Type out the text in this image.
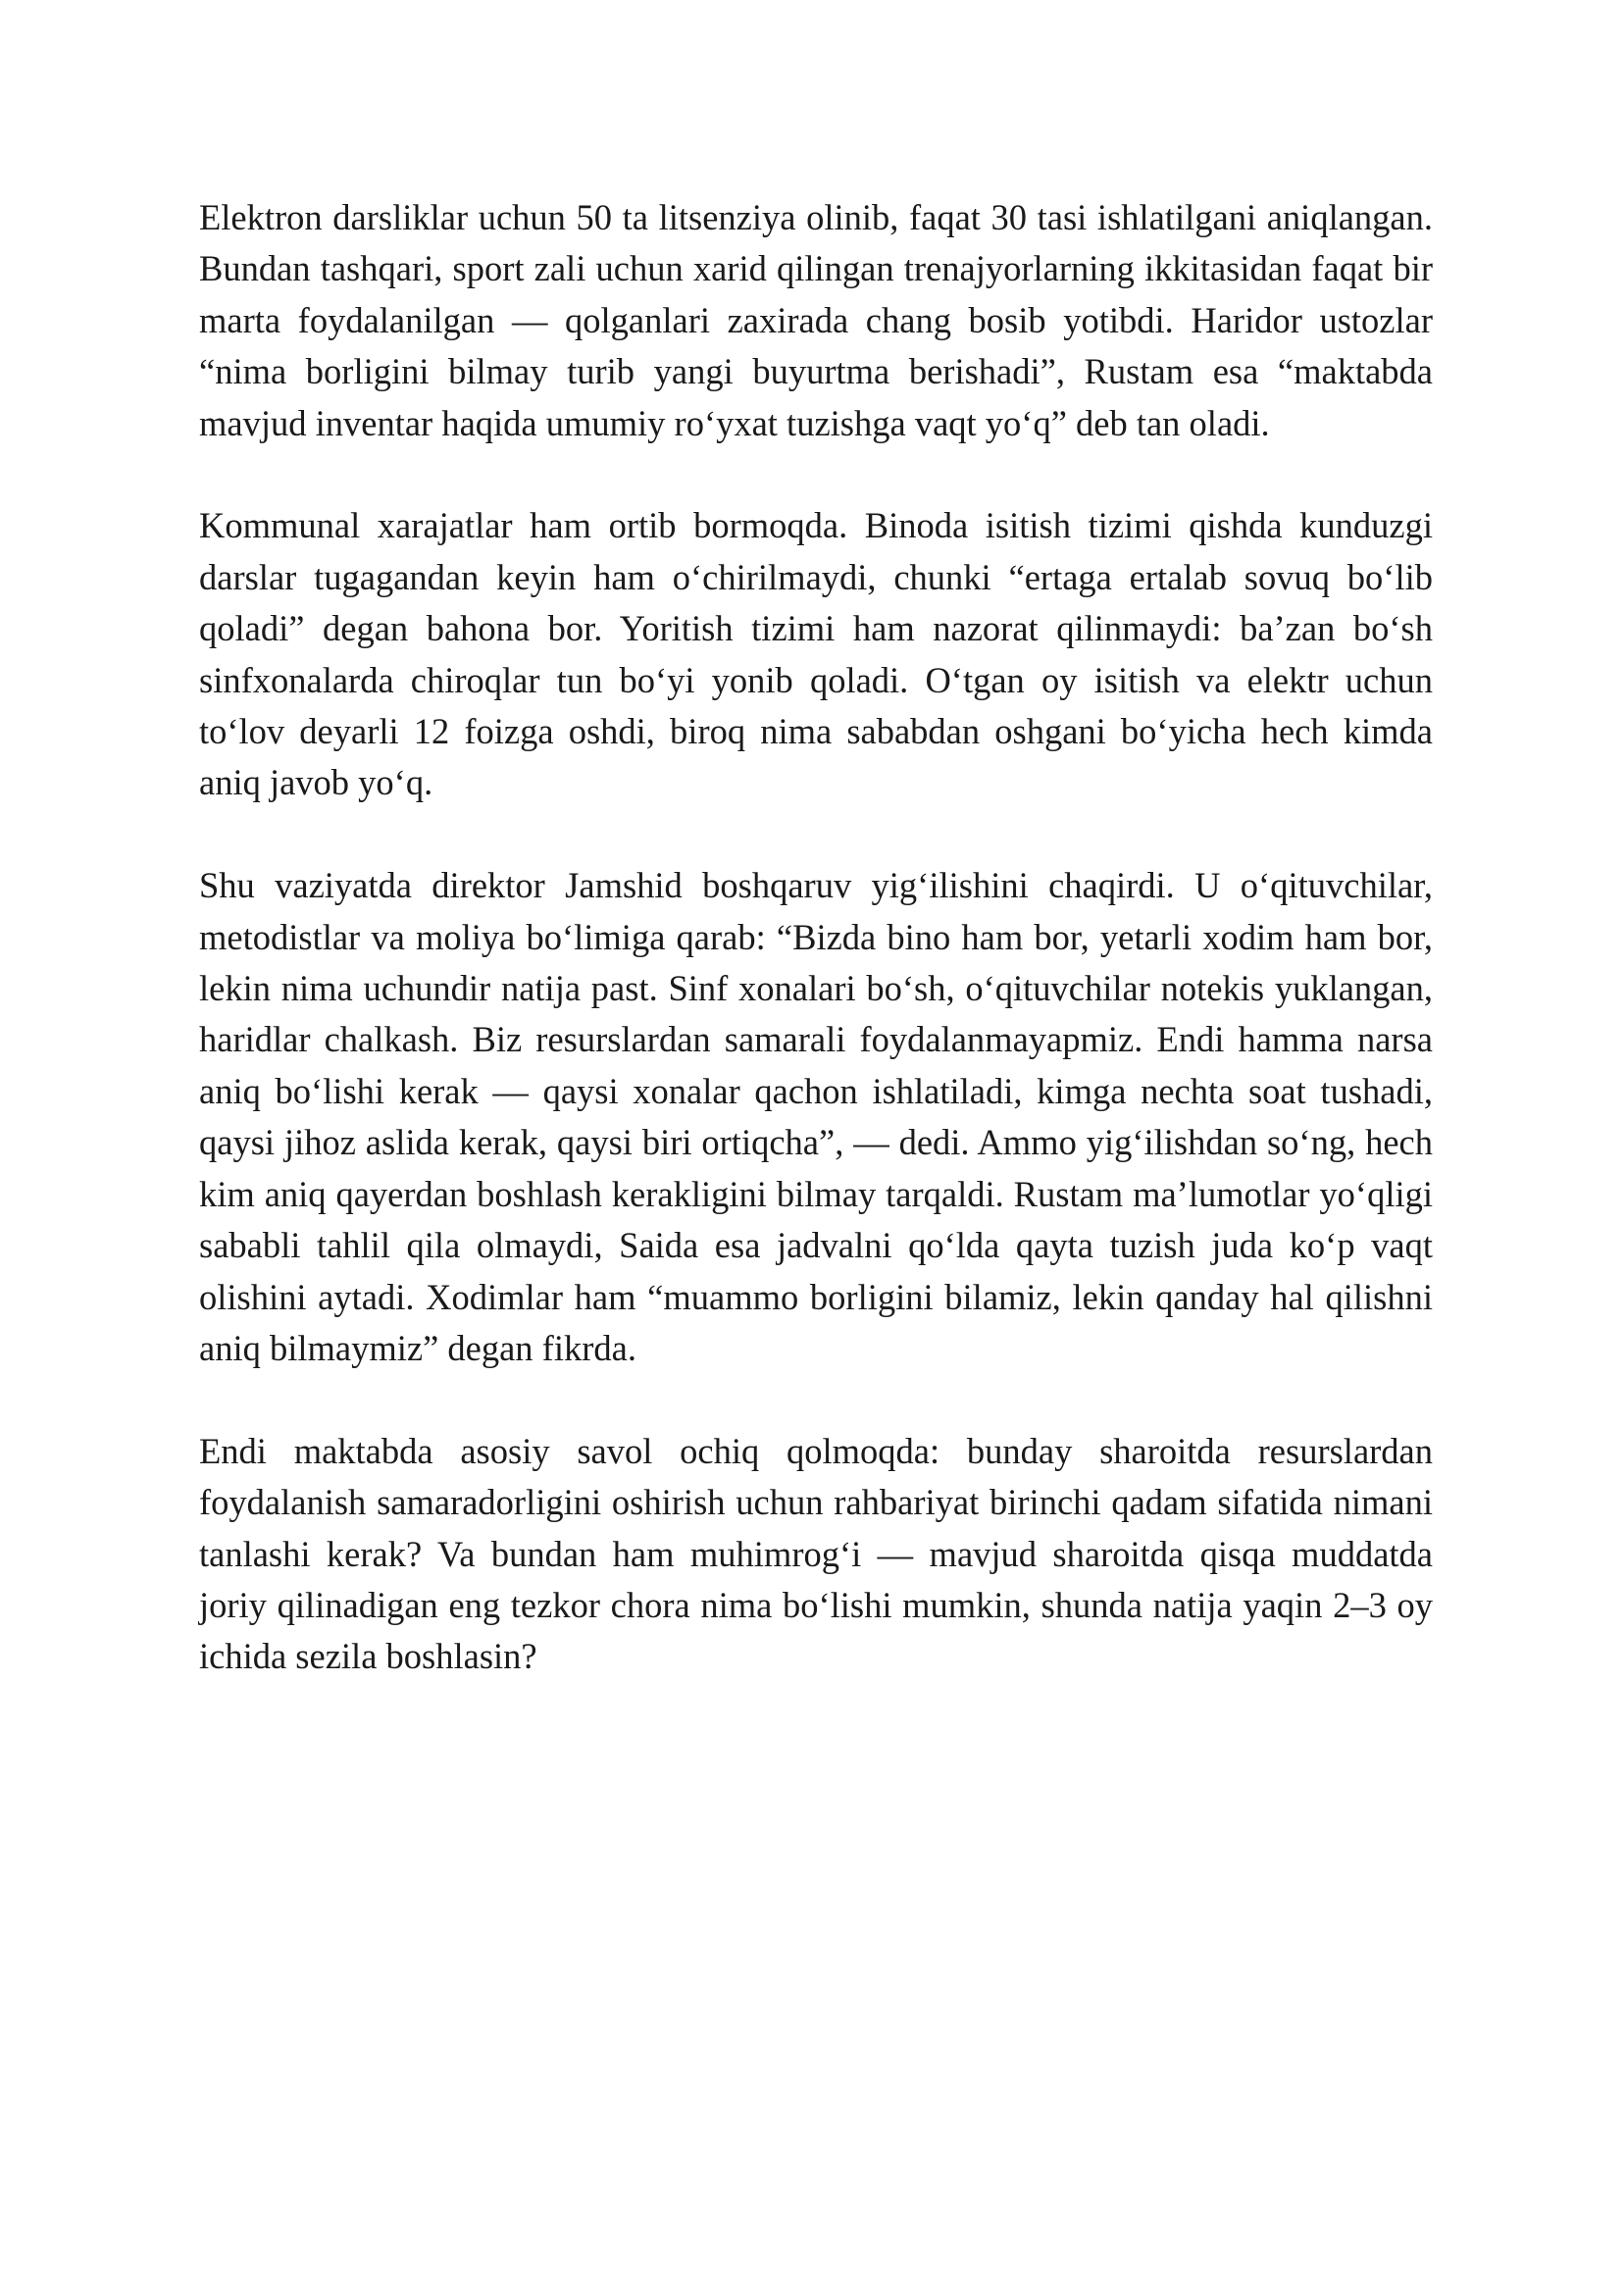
Elektron darsliklar uchun 50 ta litsenziya olinib, faqat 30 tasi ishlatilgani aniqlangan. Bundan tashqari, sport zali uchun xarid qilingan trenajyorlarning ikkitasidan faqat bir marta foydalanilgan — qolganlari zaxirada chang bosib yotibdi. Haridor ustozlar “nima borligini bilmay turib yangi buyurtma berishadi”, Rustam esa “maktabda mavjud inventar haqida umumiy ro‘yxat tuzishga vaqt yo‘q” deb tan oladi.

Kommunal xarajatlar ham ortib bormoqda. Binoda isitish tizimi qishda kunduzgi darslar tugagandan keyin ham o‘chirilmaydi, chunki “ertaga ertalab sovuq bo‘lib qoladi” degan bahona bor. Yoritish tizimi ham nazorat qilinmaydi: ba’zan bo‘sh sinfxonalarda chiroqlar tun bo‘yi yonib qoladi. O‘tgan oy isitish va elektr uchun to‘lov deyarli 12 foizga oshdi, biroq nima sababdan oshgani bo‘yicha hech kimda aniq javob yo‘q.

Shu vaziyatda direktor Jamshid boshqaruv yig‘ilishini chaqirdi. U o‘qituvchilar, metodistlar va moliya bo‘limiga qarab: “Bizda bino ham bor, yetarli xodim ham bor, lekin nima uchundir natija past. Sinf xonalari bo‘sh, o‘qituvchilar notekis yuklangan, haridlar chalkash. Biz resurslardan samarali foydalanmayapmiz. Endi hamma narsa aniq bo‘lishi kerak — qaysi xonalar qachon ishlatiladi, kimga nechta soat tushadi, qaysi jihoz aslida kerak, qaysi biri ortiqcha”, — dedi. Ammo yig‘ilishdan so‘ng, hech kim aniq qayerdan boshlash kerakligini bilmay tarqaldi. Rustam ma’lumotlar yo‘qligi sababli tahlil qila olmaydi, Saida esa jadvalni qo‘lda qayta tuzish juda ko‘p vaqt olishini aytadi. Xodimlar ham “muammo borligini bilamiz, lekin qanday hal qilishni aniq bilmaymiz” degan fikrda.

Endi maktabda asosiy savol ochiq qolmoqda: bunday sharoitda resurslardan foydalanish samaradorligini oshirish uchun rahbariyat birinchi qadam sifatida nimani tanlashi kerak? Va bundan ham muhimrog‘i — mavjud sharoitda qisqa muddatda joriy qilinadigan eng tezkor chora nima bo‘lishi mumkin, shunda natija yaqin 2–3 oy ichida sezila boshlasin?
